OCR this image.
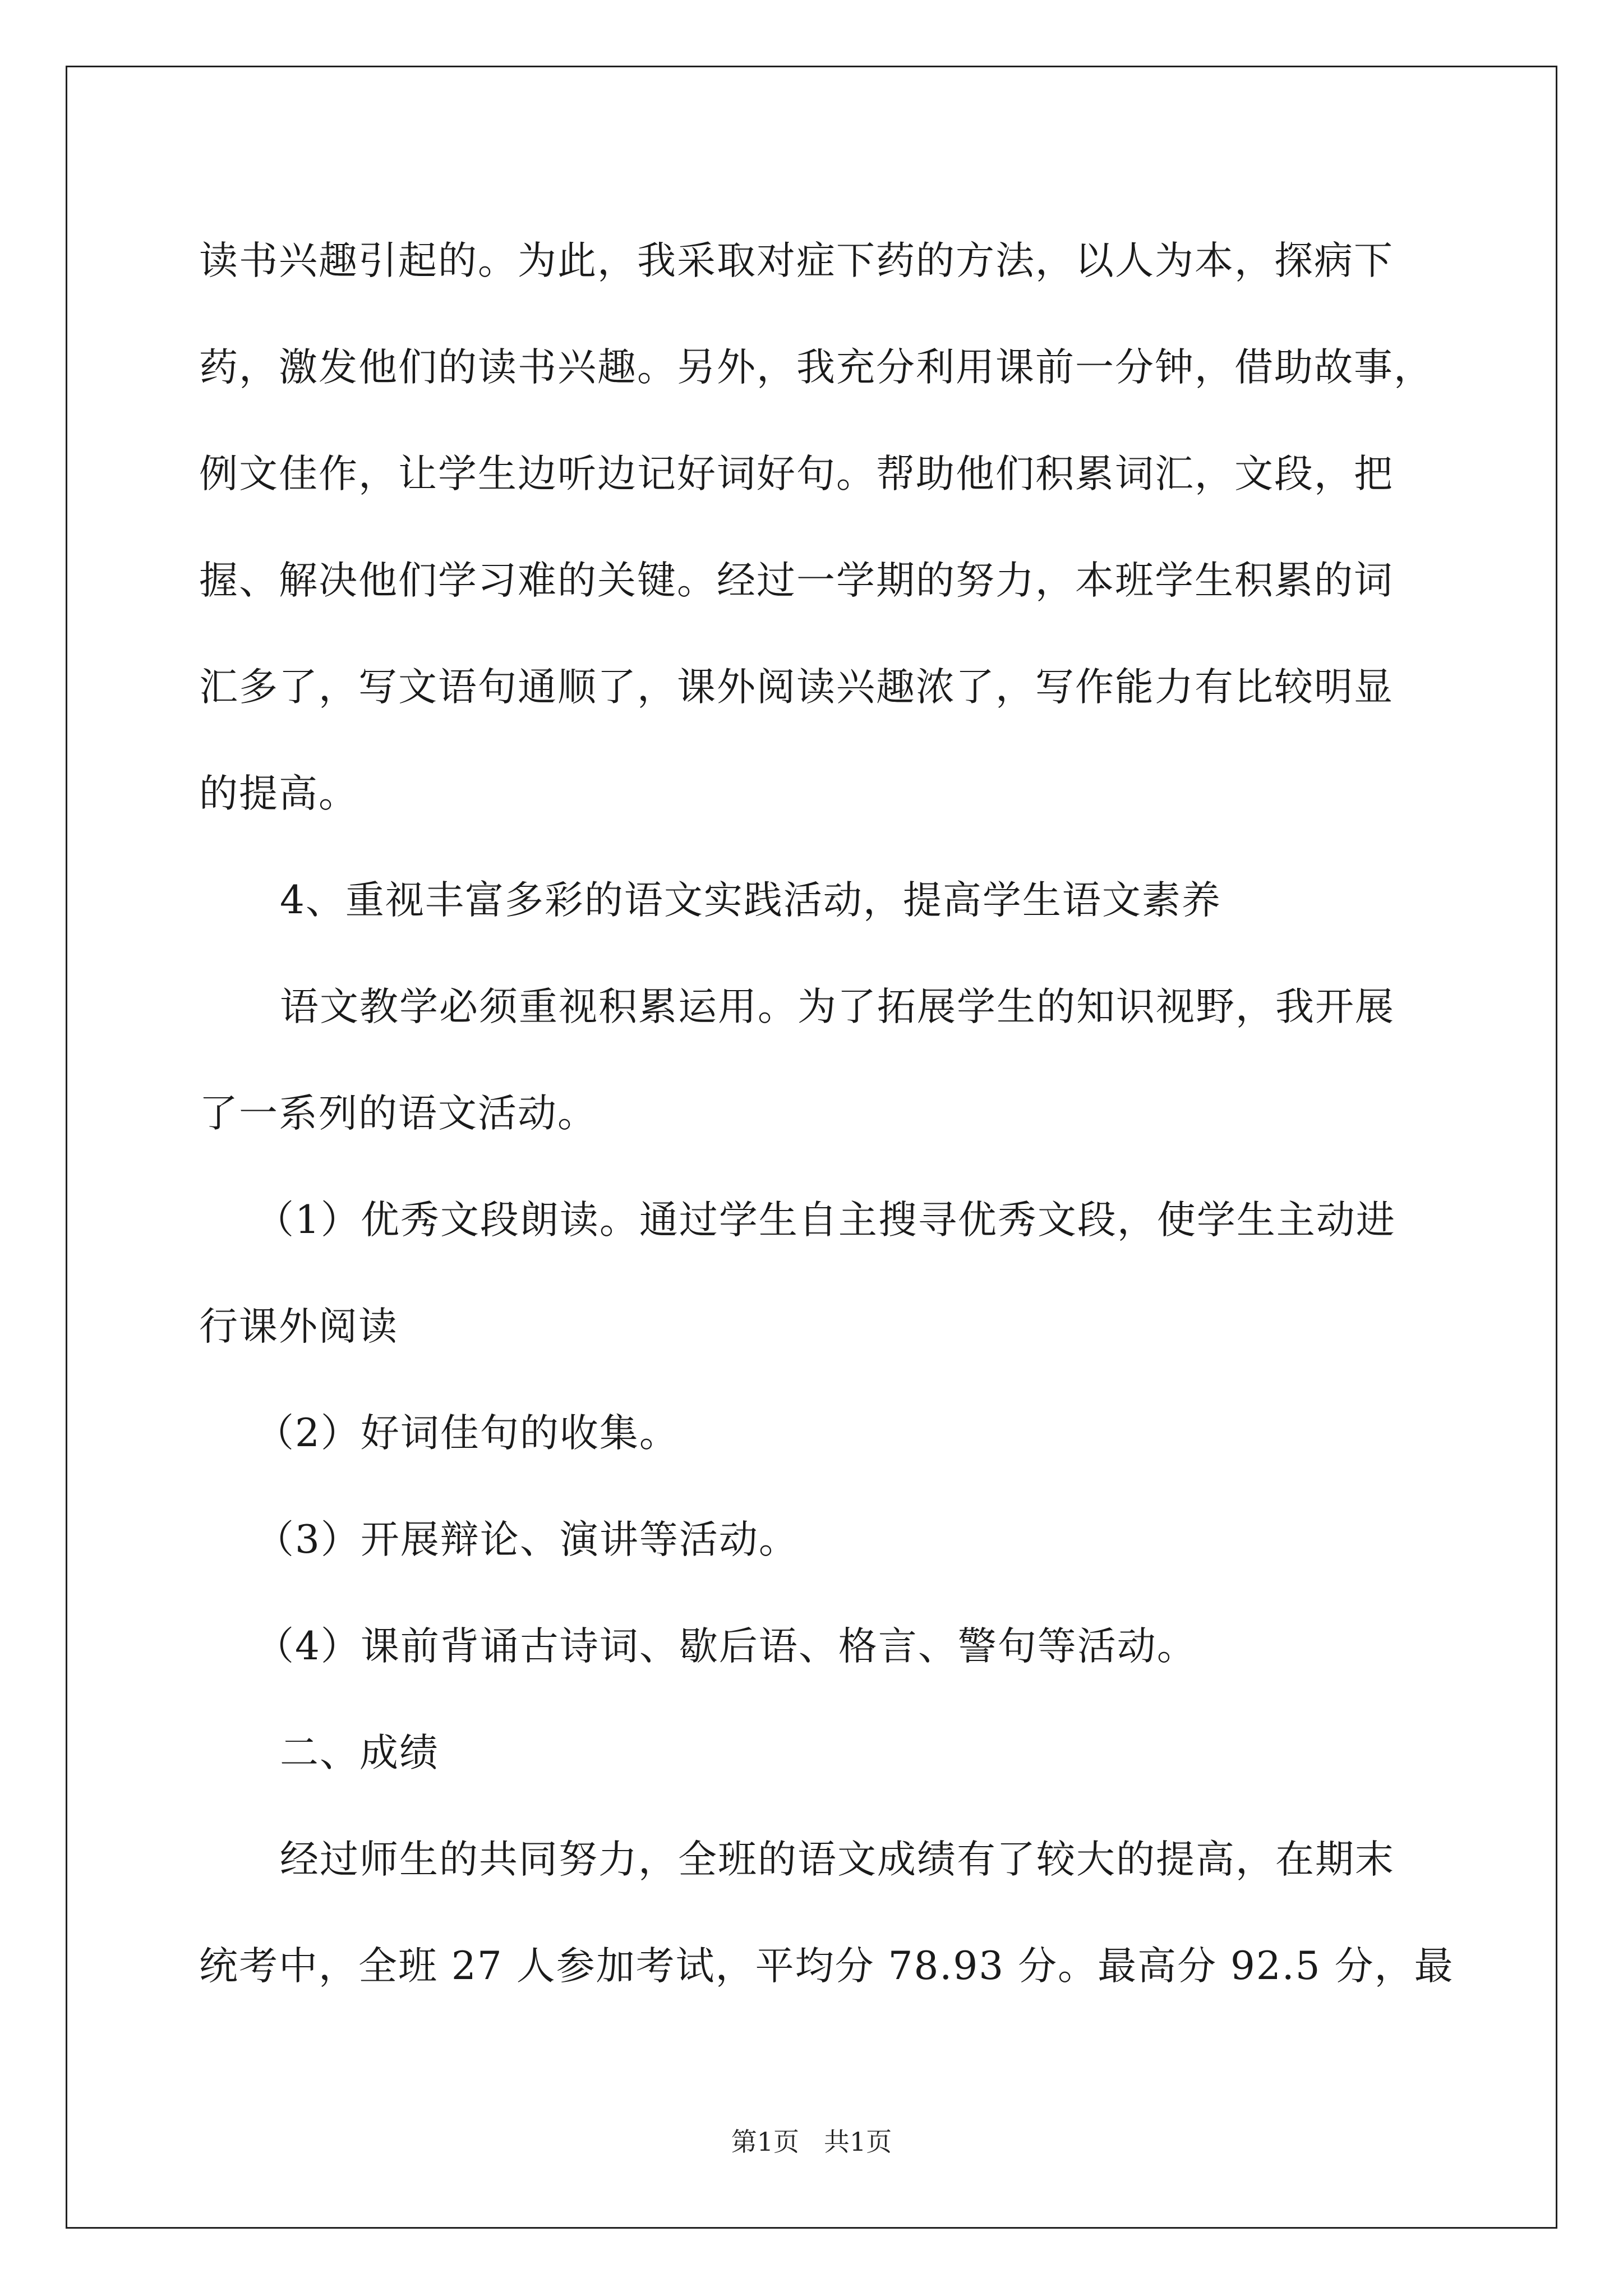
读书兴趣引起的。为此，我采取对症下药的方法，以人为本，探病下

药，激发他们的读书兴趣。另外，我充分利用课前一分钟，借助故事，

例文佳作，让学生边听边记好词好句。帮助他们积累词汇，文段，把

握、解决他们学习难的关键。经过一学期的努力，本班学生积累的词

汇多了，写文语句通顺了，课外阅读兴趣浓了，写作能力有比较明显

的提高。

4、重视丰富多彩的语文实践活动，提高学生语文素养

语文教学必须重视积累运用。为了拓展学生的知识视野，我开展

了一系列的语文活动。

（1）优秀文段朗读。通过学生自主搜寻优秀文段，使学生主动进

行课外阅读

（2）好词佳句的收集。

（3）开展辩论、演讲等活动。

（4）课前背诵古诗词、歇后语、格言、警句等活动。

二、成绩

经过师生的共同努力，全班的语文成绩有了较大的提高，在期末

统考中，全班 27 人参加考试，平均分 78.93 分。最高分 92.5 分，最

第1页 共1页
